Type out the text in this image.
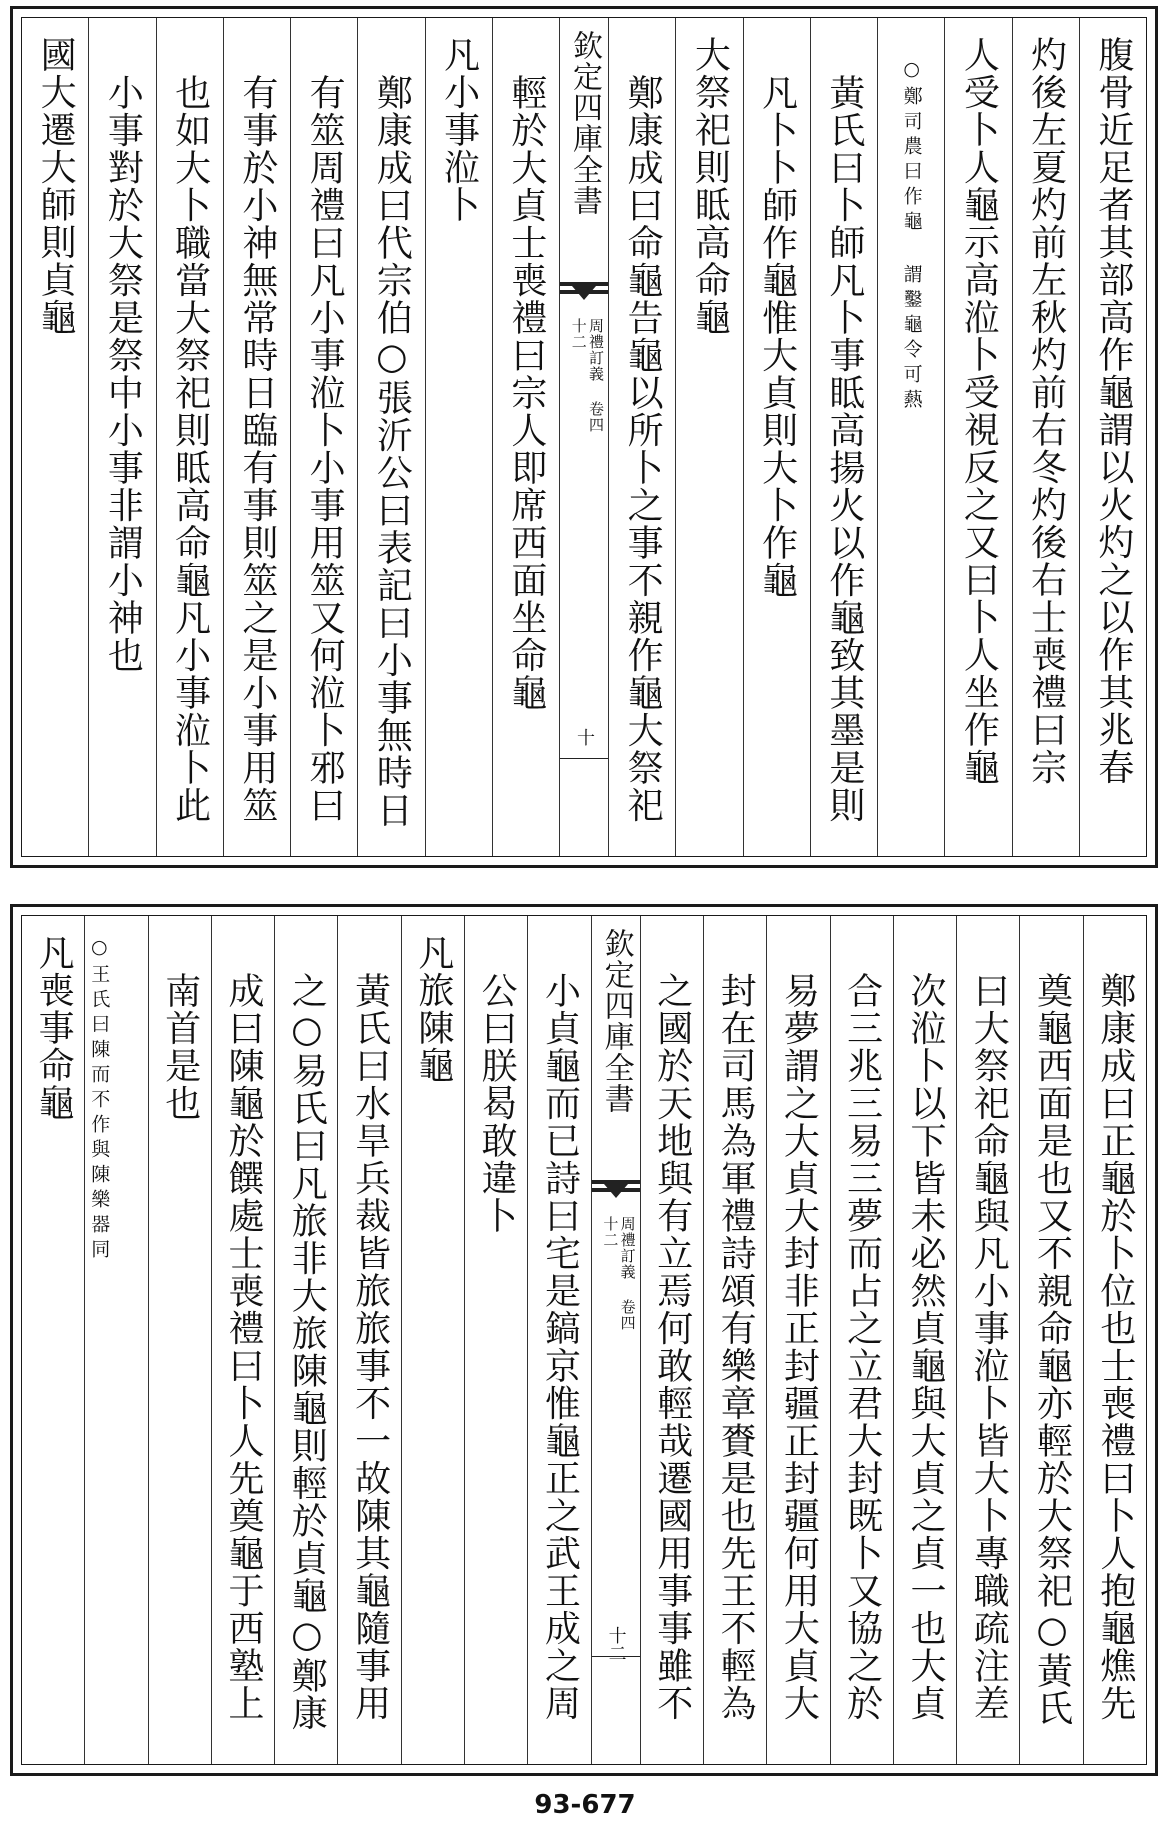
腹骨近足者其部高作龜謂以火灼之以作其兆春
灼後左夏灼前左秋灼前右冬灼後右士喪禮曰宗
人受卜人龜示高涖卜受視反之又曰卜人坐作龜
○鄭司農曰作龜 謂鑿龜令可爇
黃氏曰卜師凡卜事眡高揚火以作龜致其墨是則
凡卜卜師作龜惟大貞則大卜作龜
大祭祀則眡高命龜
鄭康成曰命龜告龜以所卜之事不親作龜大祭祀
欽定四庫全書
周禮訂義 卷四十二
十
輕於大貞士喪禮曰宗人即席西面坐命龜
凡小事涖卜
鄭康成曰代宗伯○張沂公曰表記曰小事無時日
有筮周禮曰凡小事涖卜小事用筮又何涖卜邪曰
有事於小神無常時日臨有事則筮之是小事用筮
也如大卜職當大祭祀則眡高命龜凡小事涖卜此
小事對於大祭是祭中小事非謂小神也
國大遷大師則貞龜
鄭康成曰正龜於卜位也士喪禮曰卜人抱龜燋先
奠龜西面是也又不親命龜亦輕於大祭祀○黃氏
曰大祭祀命龜與凡小事涖卜皆大卜專職疏注差
次涖卜以下皆未必然貞龜與大貞之貞一也大貞
合三兆三易三夢而占之立君大封既卜又協之於
易夢謂之大貞大封非正封疆正封疆何用大貞大
封在司馬為軍禮詩頌有樂章賚是也先王不輕為
之國於天地與有立焉何敢輕哉遷國用事事雖不
欽定四庫全書
周禮訂義 卷四十二
十二
小貞龜而已詩曰宅是鎬京惟龜正之武王成之周
公曰朕曷敢違卜
凡旅陳龜
黃氏曰水旱兵裁皆旅旅事不一故陳其龜隨事用
之○易氏曰凡旅非大旅陳龜則輕於貞龜○鄭康
成曰陳龜於饌處士喪禮曰卜人先奠龜于西塾上
南首是也
○王氏曰陳而不作與陳樂器同
凡喪事命龜
93-677
